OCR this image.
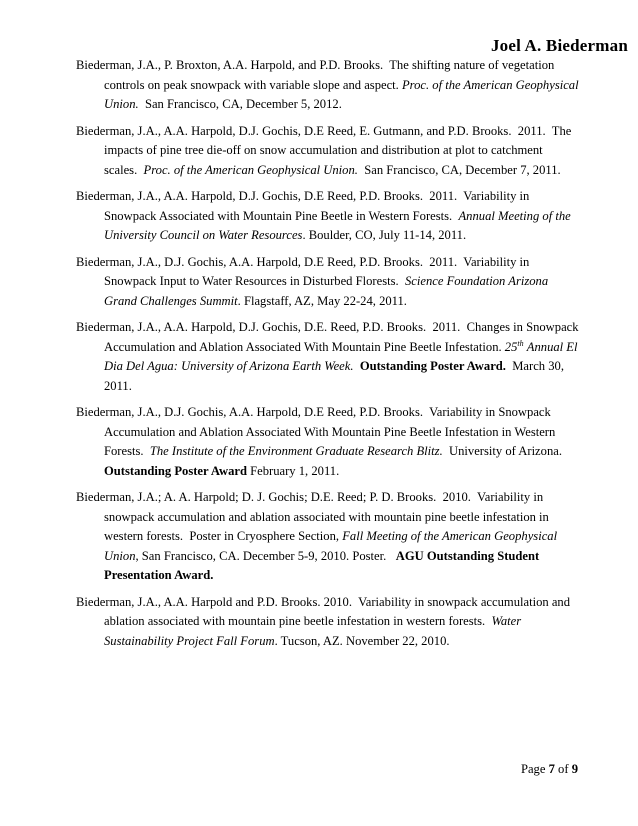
Joel A. Biederman

Biederman, J.A., P. Broxton, A.A. Harpold, and P.D. Brooks. The shifting nature of vegetation controls on peak snowpack with variable slope and aspect. Proc. of the American Geophysical Union. San Francisco, CA, December 5, 2012.

Biederman, J.A., A.A. Harpold, D.J. Gochis, D.E Reed, E. Gutmann, and P.D. Brooks. 2011. The impacts of pine tree die-off on snow accumulation and distribution at plot to catchment scales. Proc. of the American Geophysical Union. San Francisco, CA, December 7, 2011.

Biederman, J.A., A.A. Harpold, D.J. Gochis, D.E Reed, P.D. Brooks. 2011. Variability in Snowpack Associated with Mountain Pine Beetle in Western Forests. Annual Meeting of the University Council on Water Resources. Boulder, CO, July 11-14, 2011.

Biederman, J.A., D.J. Gochis, A.A. Harpold, D.E Reed, P.D. Brooks. 2011. Variability in Snowpack Input to Water Resources in Disturbed Florests. Science Foundation Arizona Grand Challenges Summit. Flagstaff, AZ, May 22-24, 2011.

Biederman, J.A., A.A. Harpold, D.J. Gochis, D.E. Reed, P.D. Brooks. 2011. Changes in Snowpack Accumulation and Ablation Associated With Mountain Pine Beetle Infestation. 25th Annual El Dia Del Agua: University of Arizona Earth Week. Outstanding Poster Award. March 30, 2011.

Biederman, J.A., D.J. Gochis, A.A. Harpold, D.E Reed, P.D. Brooks. Variability in Snowpack Accumulation and Ablation Associated With Mountain Pine Beetle Infestation in Western Forests. The Institute of the Environment Graduate Research Blitz. University of Arizona. Outstanding Poster Award February 1, 2011.

Biederman, J.A.; A. A. Harpold; D. J. Gochis; D.E. Reed; P. D. Brooks. 2010. Variability in snowpack accumulation and ablation associated with mountain pine beetle infestation in western forests. Poster in Cryosphere Section, Fall Meeting of the American Geophysical Union, San Francisco, CA. December 5-9, 2010. Poster. AGU Outstanding Student Presentation Award.

Biederman, J.A., A.A. Harpold and P.D. Brooks. 2010. Variability in snowpack accumulation and ablation associated with mountain pine beetle infestation in western forests. Water Sustainability Project Fall Forum. Tucson, AZ. November 22, 2010.

Page 7 of 9
